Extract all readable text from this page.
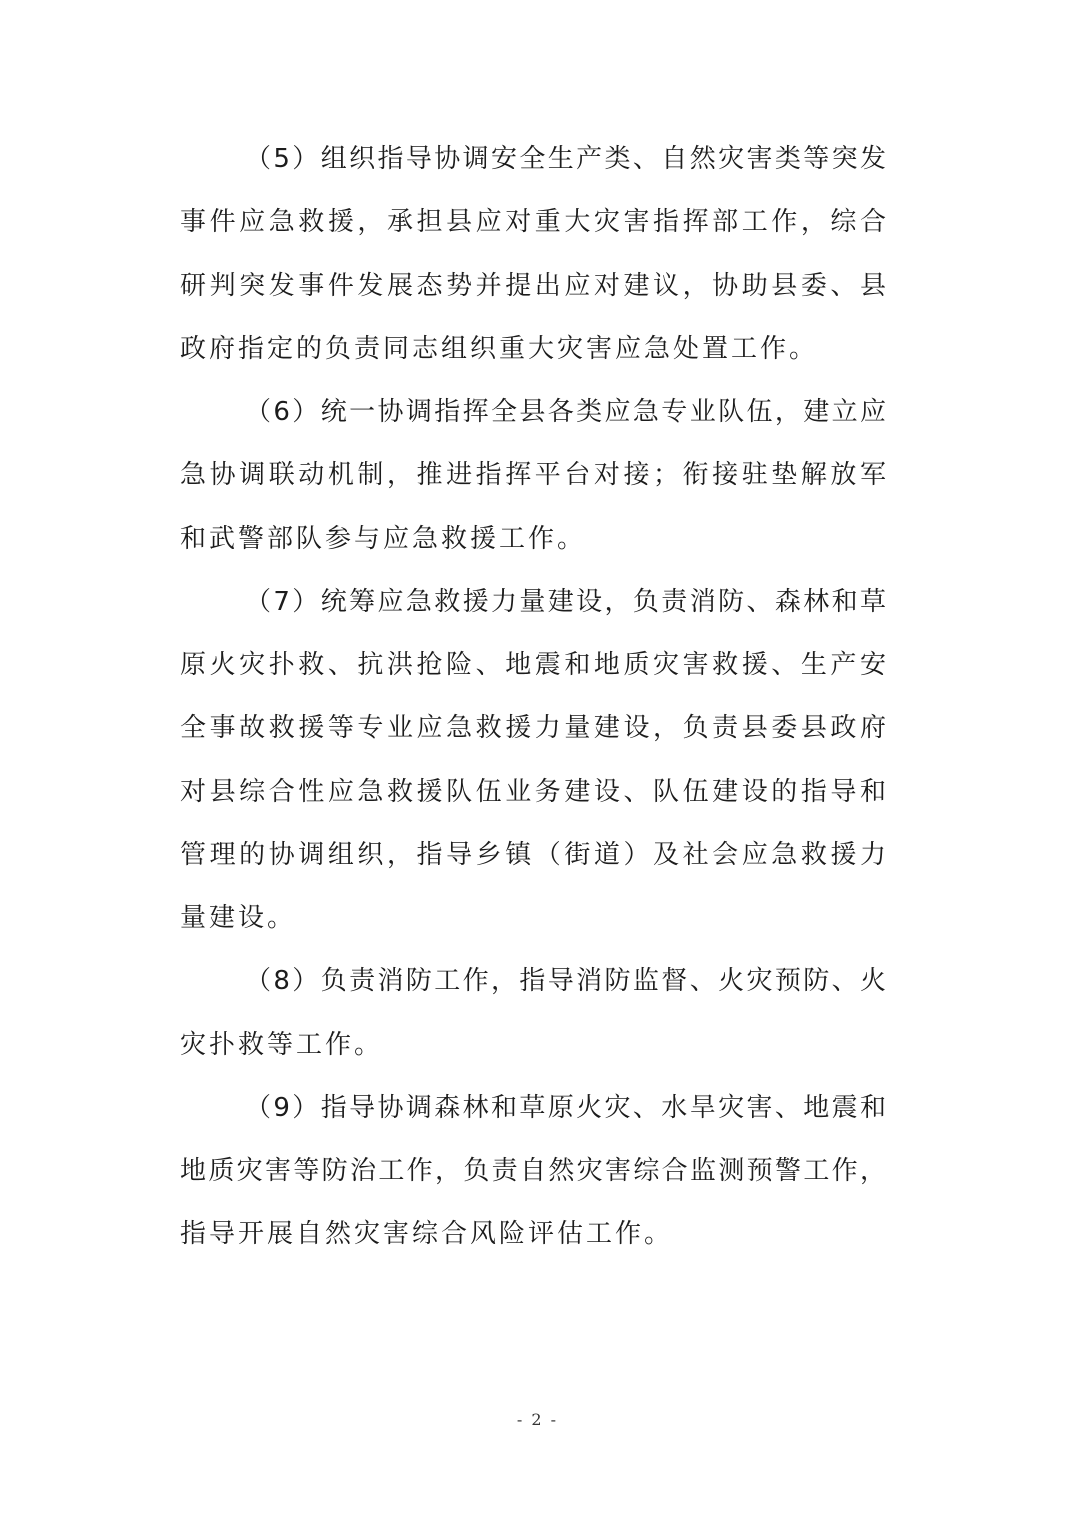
（5）组织指导协调安全生产类、自然灾害类等突发
事件应急救援，承担县应对重大灾害指挥部工作，综合
研判突发事件发展态势并提出应对建议，协助县委、县
政府指定的负责同志组织重大灾害应急处置工作。
（6）统一协调指挥全县各类应急专业队伍，建立应
急协调联动机制，推进指挥平台对接；衔接驻垫解放军
和武警部队参与应急救援工作。
（7）统筹应急救援力量建设，负责消防、森林和草
原火灾扑救、抗洪抢险、地震和地质灾害救援、生产安
全事故救援等专业应急救援力量建设，负责县委县政府
对县综合性应急救援队伍业务建设、队伍建设的指导和
管理的协调组织，指导乡镇（街道）及社会应急救援力
量建设。
（8）负责消防工作，指导消防监督、火灾预防、火
灾扑救等工作。
（9）指导协调森林和草原火灾、水旱灾害、地震和
地质灾害等防治工作，负责自然灾害综合监测预警工作，
指导开展自然灾害综合风险评估工作。
- 2 -
